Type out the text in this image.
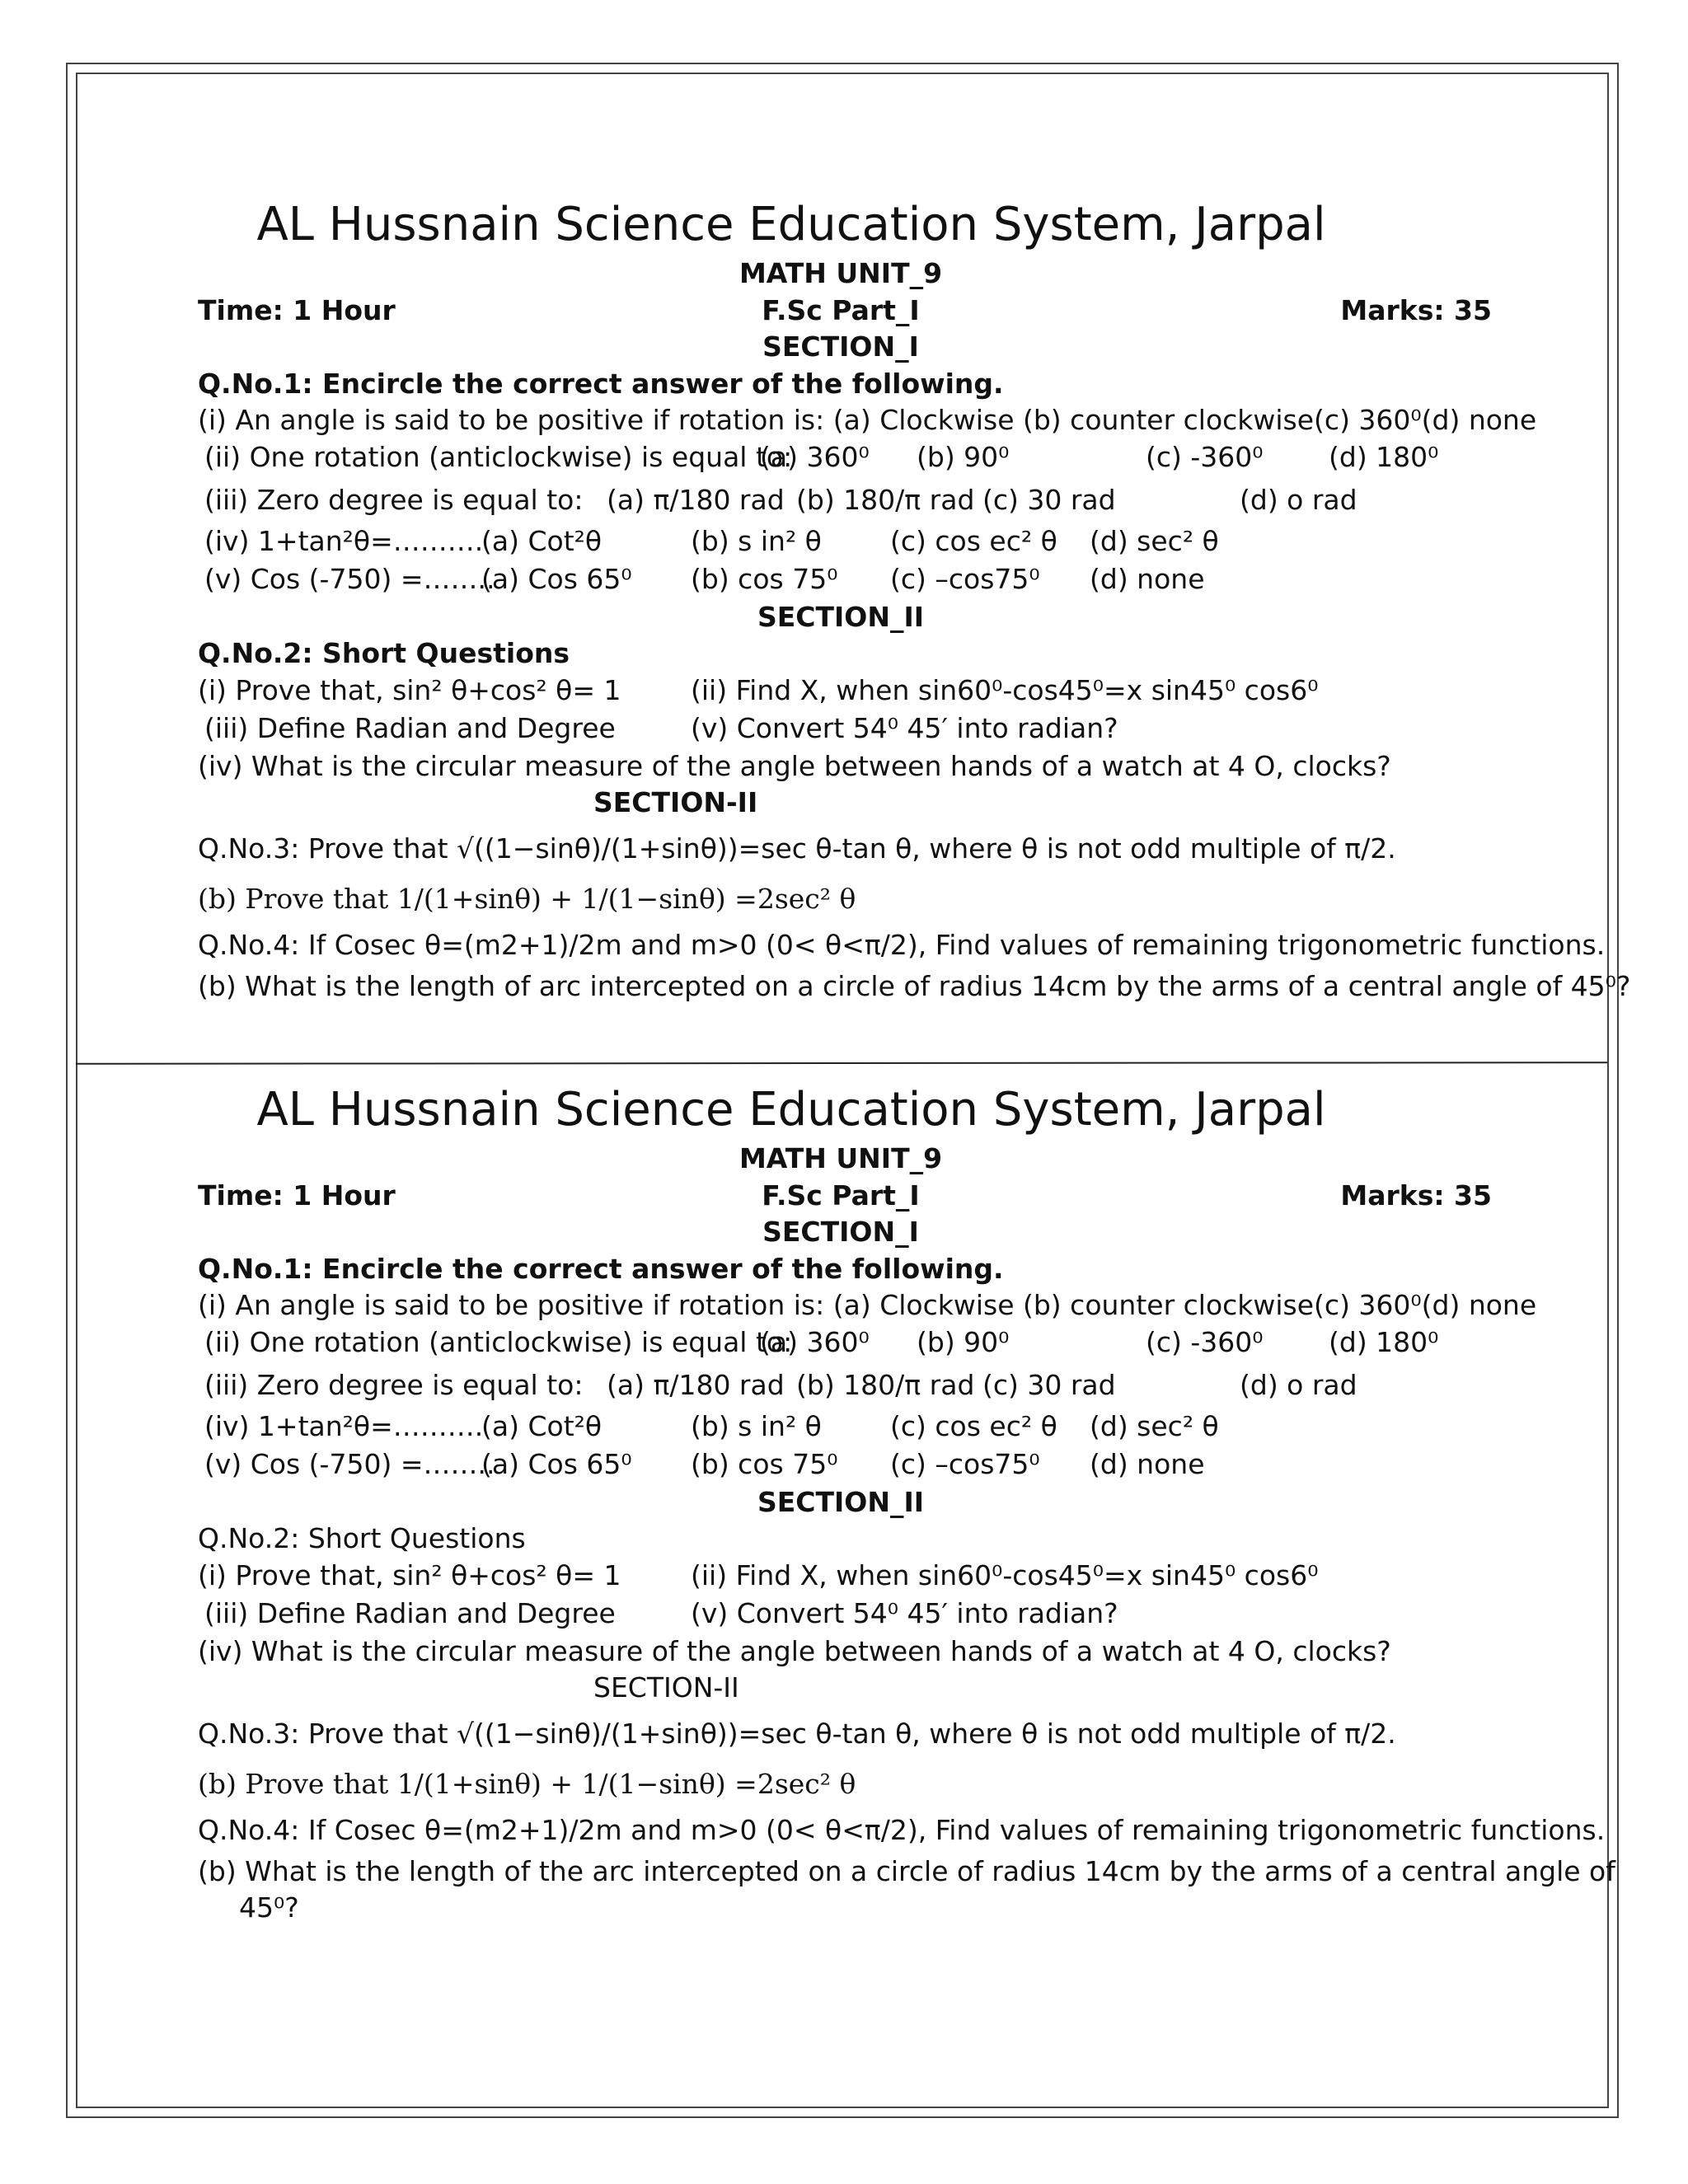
AL Hussnain Science Education System, Jarpal
MATH UNIT_9
Time: 1 Hour	F.Sc Part_I	Marks: 35
SECTION_I
Q.No.1: Encircle the correct answer of the following.
(i) An angle is said to be positive if rotation is: (a) Clockwise (b) counter clockwise(c) 360⁰(d) none
(ii) One rotation (anticlockwise) is equal to:
(a) 360⁰ (b) 90⁰	(c) -360⁰ (d) 180⁰
(iii) Zero degree is equal to: (a) π/180 rad (b) 180/π rad (c) 30 rad	(d) o rad
(iv) 1+tan²θ=……….
(a) Cot²θ	(b) s in² θ	(c) cos ec² θ (d) sec² θ
(v) Cos (-750) =……..
(a) Cos 65⁰ (b) cos 75⁰ (c) –cos75⁰ (d) none
SECTION_II
Q.No.2: Short Questions
(i) Prove that, sin² θ+cos² θ= 1	(ii) Find X, when sin60⁰-cos45⁰=x sin45⁰ cos6⁰
(iii) Define Radian and Degree	(v) Convert 54⁰ 45′ into radian?
(iv) What is the circular measure of the angle between hands of a watch at 4 O, clocks?
SECTION-II
Q.No.3: Prove that √((1−sinθ)/(1+sinθ))=sec θ-tan θ, where θ is not odd multiple of π/2.
(b) Prove that 1/(1+sinθ) + 1/(1−sinθ) =2sec² θ
Q.No.4: If Cosec θ=(m2+1)/2m and m>0 (0< θ<π/2), Find values of remaining trigonometric functions.
(b) What is the length of arc intercepted on a circle of radius 14cm by the arms of a central angle of 45⁰?
AL Hussnain Science Education System, Jarpal
MATH UNIT_9
Time: 1 Hour	F.Sc Part_I	Marks: 35
SECTION_I
Q.No.1: Encircle the correct answer of the following.
(i) An angle is said to be positive if rotation is: (a) Clockwise (b) counter clockwise(c) 360⁰(d) none
(ii) One rotation (anticlockwise) is equal to:
(a) 360⁰ (b) 90⁰	(c) -360⁰ (d) 180⁰
(iii) Zero degree is equal to: (a) π/180 rad (b) 180/π rad (c) 30 rad	(d) o rad
(iv) 1+tan²θ=……….
(a) Cot²θ	(b) s in² θ	(c) cos ec² θ (d) sec² θ
(v) Cos (-750) =……..
(a) Cos 65⁰ (b) cos 75⁰ (c) –cos75⁰ (d) none
SECTION_II
Q.No.2: Short Questions
(i) Prove that, sin² θ+cos² θ= 1	(ii) Find X, when sin60⁰-cos45⁰=x sin45⁰ cos6⁰
(iii) Define Radian and Degree	(v) Convert 54⁰ 45′ into radian?
(iv) What is the circular measure of the angle between hands of a watch at 4 O, clocks?
SECTION-II
Q.No.3: Prove that √((1−sinθ)/(1+sinθ))=sec θ-tan θ, where θ is not odd multiple of π/2.
(b) Prove that 1/(1+sinθ) + 1/(1−sinθ) =2sec² θ
Q.No.4: If Cosec θ=(m2+1)/2m and m>0 (0< θ<π/2), Find values of remaining trigonometric functions.
(b) What is the length of the arc intercepted on a circle of radius 14cm by the arms of a central angle of
45⁰?
